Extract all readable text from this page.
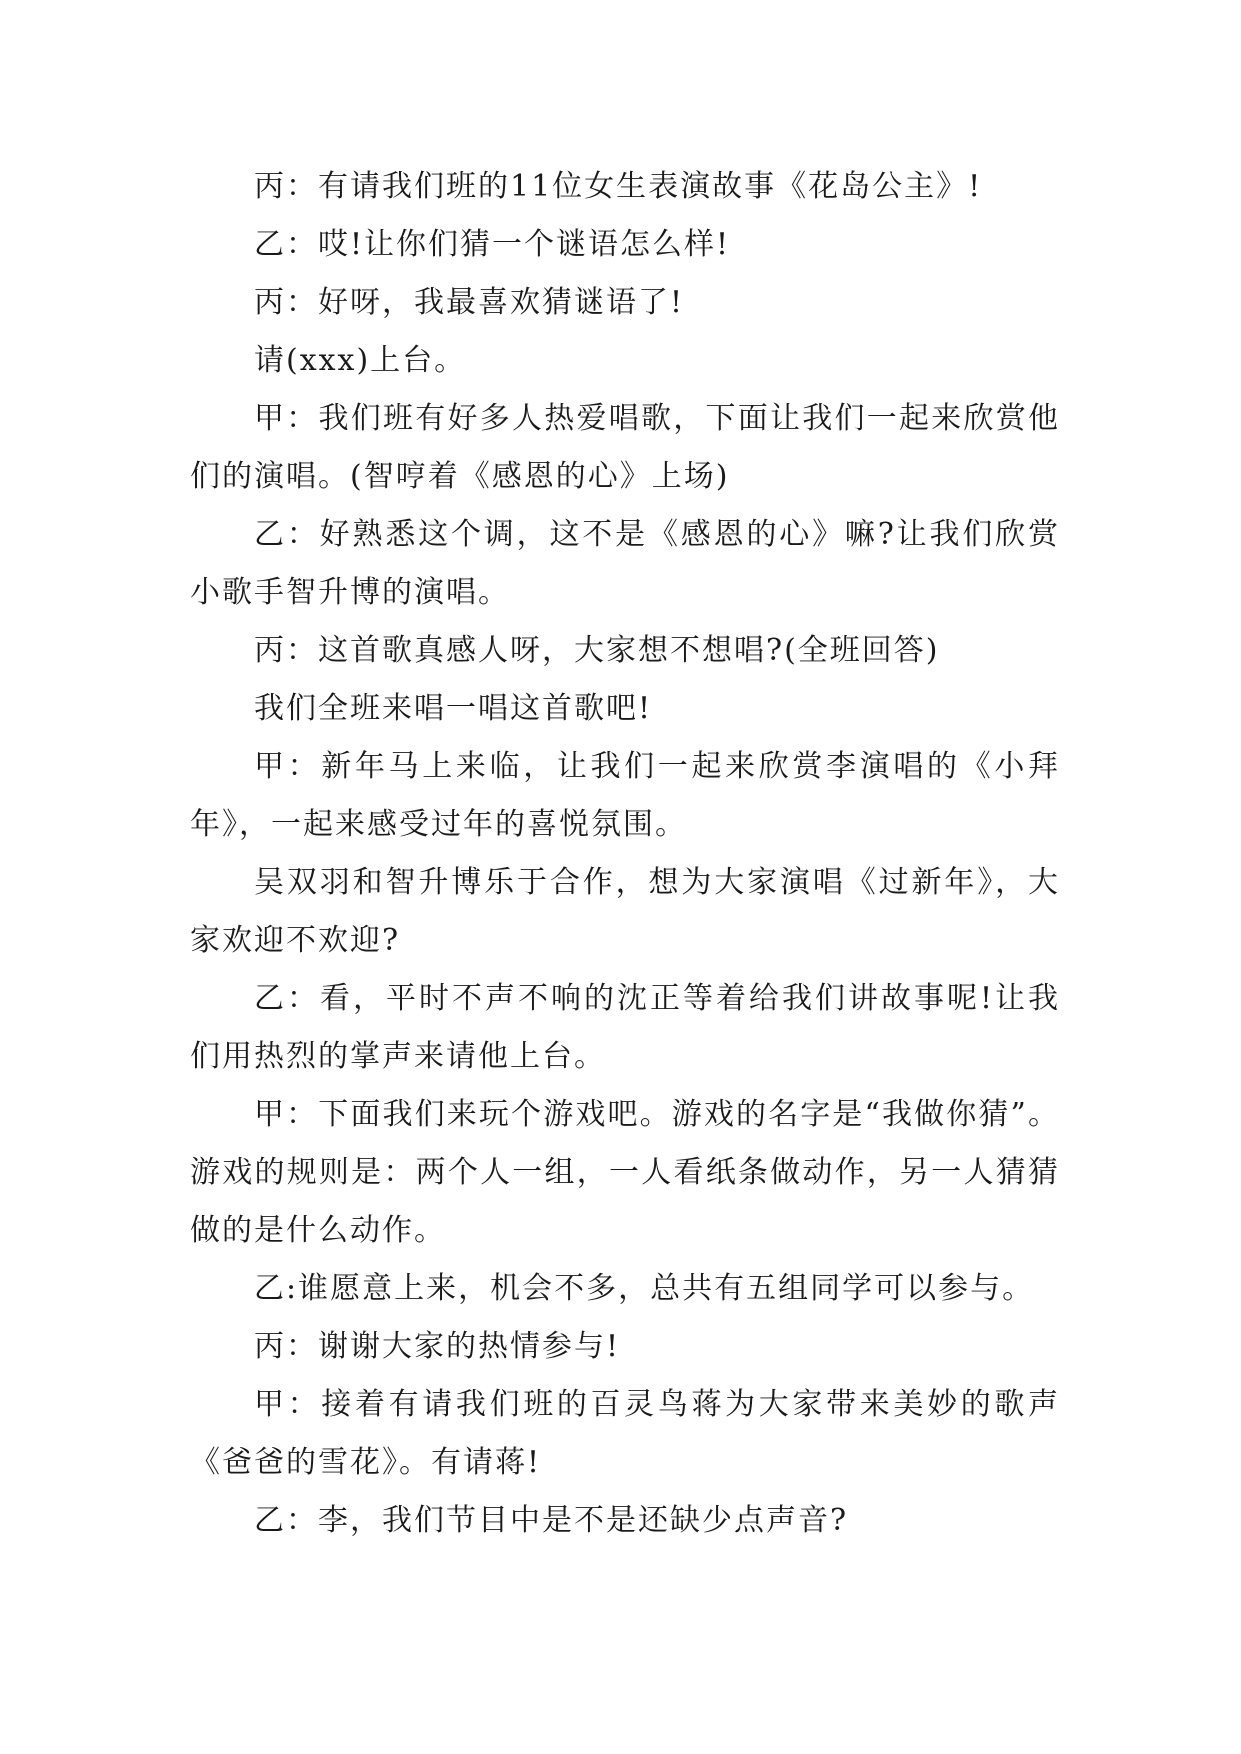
丙：有请我们班的11位女生表演故事《花岛公主》!

乙：哎!让你们猜一个谜语怎么样!

丙：好呀，我最喜欢猜谜语了!

请(xxx)上台。

甲：我们班有好多人热爱唱歌，下面让我们一起来欣赏他们的演唱。(智哼着《感恩的心》上场)

乙：好熟悉这个调，这不是《感恩的心》嘛?让我们欣赏小歌手智升博的演唱。

丙：这首歌真感人呀，大家想不想唱?(全班回答)

我们全班来唱一唱这首歌吧!

甲：新年马上来临，让我们一起来欣赏李演唱的《小拜年》，一起来感受过年的喜悦氛围。

吴双羽和智升博乐于合作，想为大家演唱《过新年》，大家欢迎不欢迎?

乙：看，平时不声不响的沈正等着给我们讲故事呢!让我们用热烈的掌声来请他上台。

甲：下面我们来玩个游戏吧。游戏的名字是“我做你猜”。游戏的规则是：两个人一组，一人看纸条做动作，另一人猜猜做的是什么动作。

乙:谁愿意上来，机会不多，总共有五组同学可以参与。

丙：谢谢大家的热情参与!

甲：接着有请我们班的百灵鸟蒋为大家带来美妙的歌声《爸爸的雪花》。有请蒋!

乙：李，我们节目中是不是还缺少点声音?
